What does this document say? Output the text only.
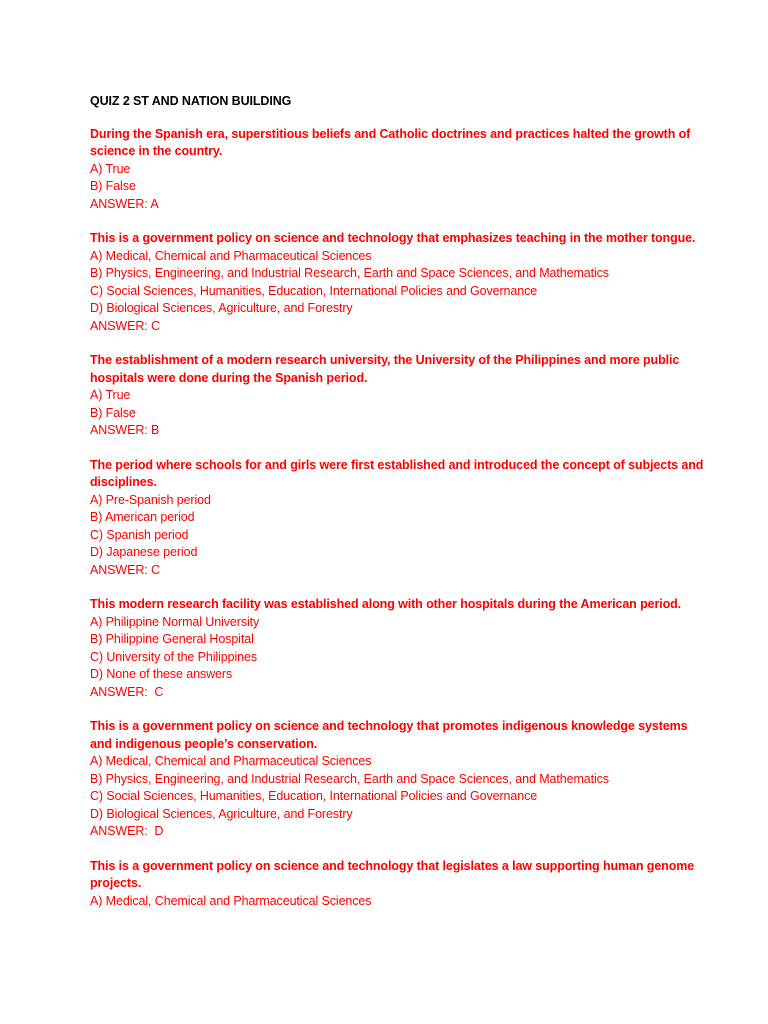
QUIZ 2 ST AND NATION BUILDING

During the Spanish era, superstitious beliefs and Catholic doctrines and practices halted the growth of science in the country.

A) True

B) False

ANSWER: A

This is a government policy on science and technology that emphasizes teaching in the mother tongue.

A) Medical, Chemical and Pharmaceutical Sciences

B) Physics, Engineering, and Industrial Research, Earth and Space Sciences, and Mathematics

C) Social Sciences, Humanities, Education, International Policies and Governance

D) Biological Sciences, Agriculture, and Forestry

ANSWER: C

The establishment of a modern research university, the University of the Philippines and more public hospitals were done during the Spanish period.

A) True

B) False

ANSWER: B

The period where schools for and girls were first established and introduced the concept of subjects and disciplines.

A) Pre-Spanish period

B) American period

C) Spanish period

D) Japanese period

ANSWER: C

This modern research facility was established along with other hospitals during the American period.

A) Philippine Normal University

B) Philippine General Hospital

C) University of the Philippines

D) None of these answers

ANSWER:  C

This is a government policy on science and technology that promotes indigenous knowledge systems and indigenous people’s conservation.

A) Medical, Chemical and Pharmaceutical Sciences

B) Physics, Engineering, and Industrial Research, Earth and Space Sciences, and Mathematics

C) Social Sciences, Humanities, Education, International Policies and Governance

D) Biological Sciences, Agriculture, and Forestry

ANSWER:  D

This is a government policy on science and technology that legislates a law supporting human genome projects.

A) Medical, Chemical and Pharmaceutical Sciences
